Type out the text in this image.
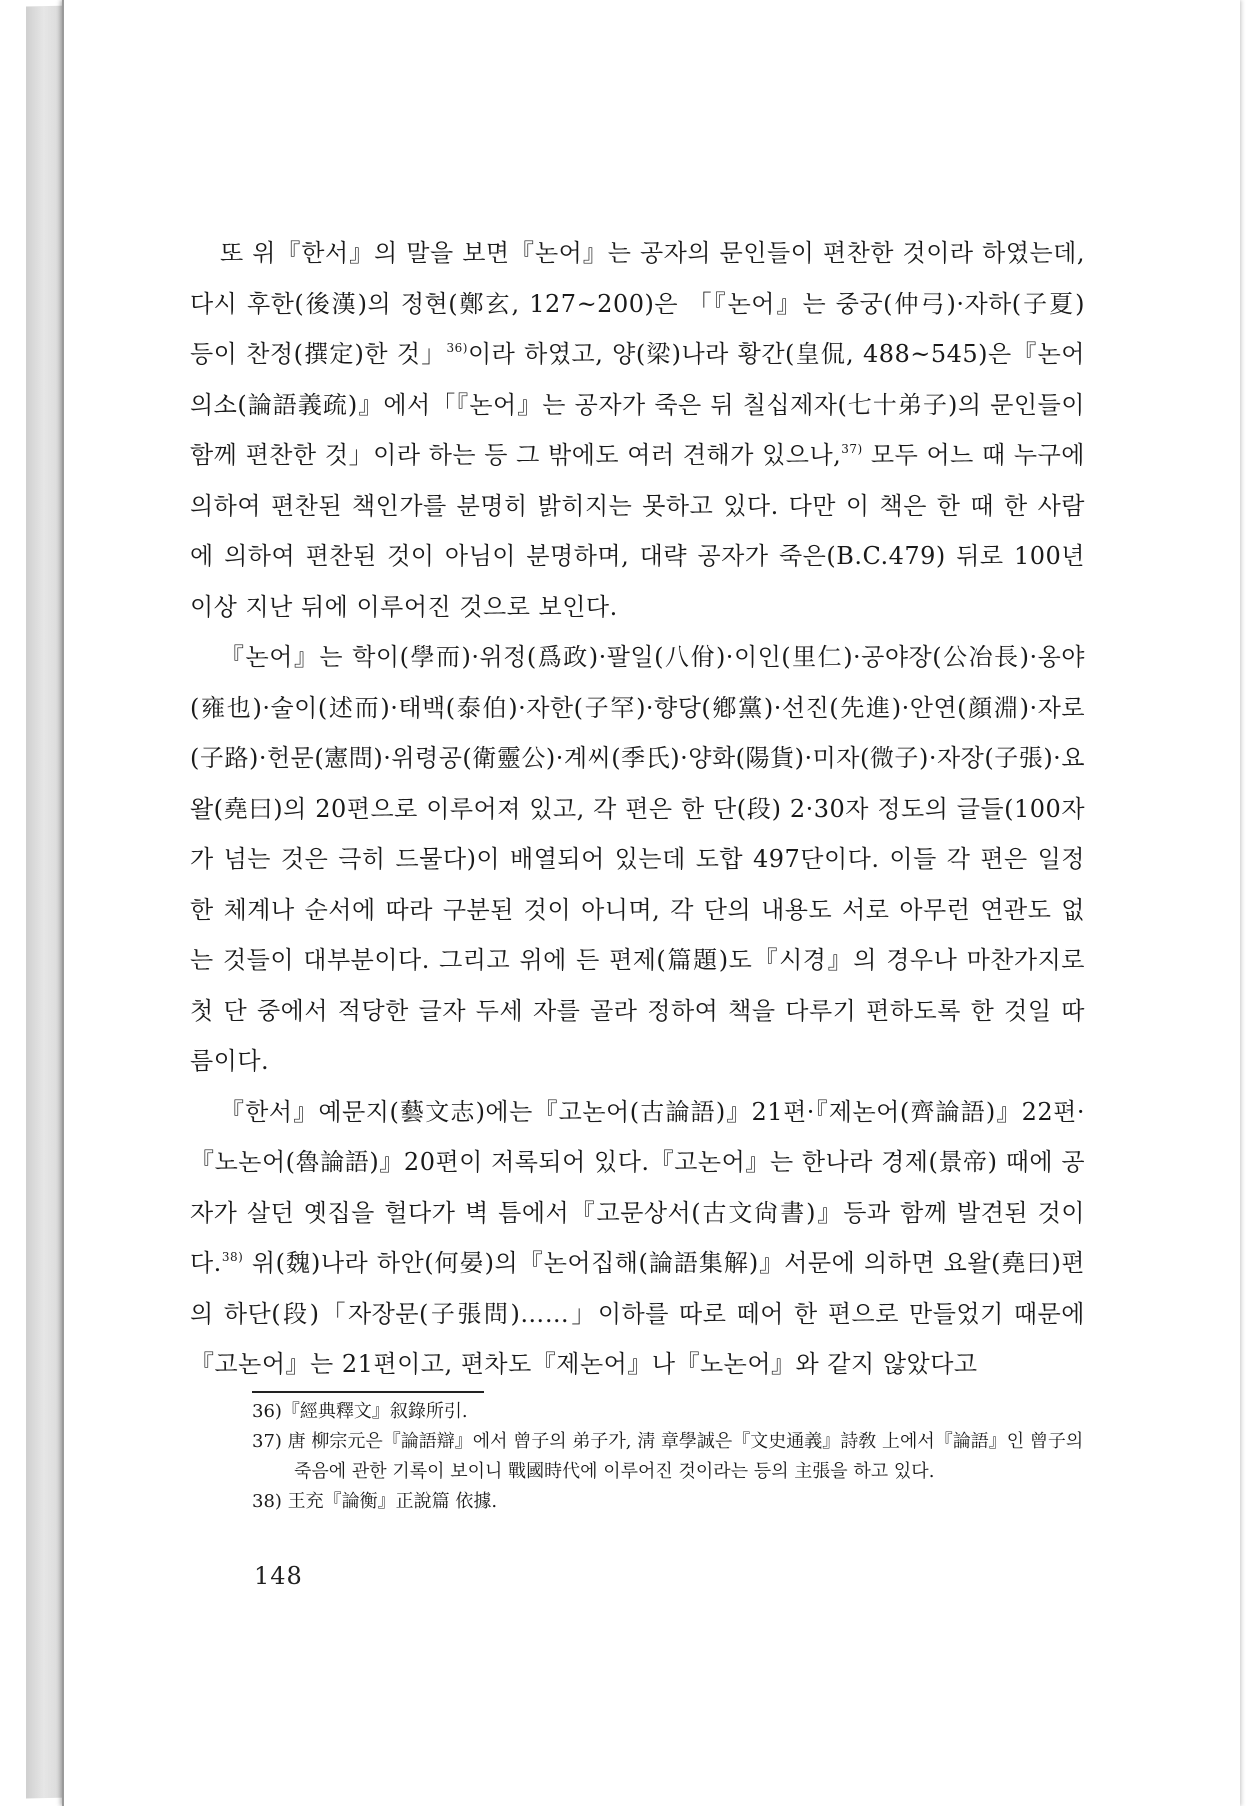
또 위『한서』의 말을 보면『논어』는 공자의 문인들이 편찬한 것이라 하였는데, 다시 후한(後漢)의 정현(鄭玄, 127~200)은 「『논어』는 중궁(仲弓)·자하(子夏) 등이 찬정(撰定)한 것」$^{36)}$이라 하였고, 양(梁)나라 황간(皇侃, 488~545)은『논어의소(論語義疏)』에서「『논어』는 공자가 죽은 뒤 칠십제자(七十弟子)의 문인들이 함께 편찬한 것」이라 하는 등 그 밖에도 여러 견해가 있으나,$^{37)}$ 모두 어느 때 누구에 의하여 편찬된 책인가를 분명히 밝히지는 못하고 있다. 다만 이 책은 한 때 한 사람에 의하여 편찬된 것이 아님이 분명하며, 대략 공자가 죽은(B.C.479) 뒤로 100년 이상 지난 뒤에 이루어진 것으로 보인다.

『논어』는 학이(學而)·위정(爲政)·팔일(八佾)·이인(里仁)·공야장(公冶長)·옹야(雍也)·술이(述而)·태백(泰伯)·자한(子罕)·향당(鄕黨)·선진(先進)·안연(顔淵)·자로(子路)·헌문(憲問)·위령공(衛靈公)·계씨(季氏)·양화(陽貨)·미자(微子)·자장(子張)·요왈(堯曰)의 20편으로 이루어져 있고, 각 편은 한 단(段) 2·30자 정도의 글들(100자가 넘는 것은 극히 드물다)이 배열되어 있는데 도합 497단이다. 이들 각 편은 일정한 체계나 순서에 따라 구분된 것이 아니며, 각 단의 내용도 서로 아무런 연관도 없는 것들이 대부분이다. 그리고 위에 든 편제(篇題)도『시경』의 경우나 마찬가지로 첫 단 중에서 적당한 글자 두세 자를 골라 정하여 책을 다루기 편하도록 한 것일 따름이다.

『한서』예문지(藝文志)에는『고논어(古論語)』21편·『제논어(齊論語)』22편·『노논어(魯論語)』20편이 저록되어 있다.『고논어』는 한나라 경제(景帝) 때에 공자가 살던 옛집을 헐다가 벽 틈에서『고문상서(古文尙書)』등과 함께 발견된 것이다.$^{38)}$ 위(魏)나라 하안(何晏)의『논어집해(論語集解)』서문에 의하면 요왈(堯曰)편의 하단(段)「자장문(子張問)……」이하를 따로 떼어 한 편으로 만들었기 때문에『고논어』는 21편이고, 편차도『제논어』나『노논어』와 같지 않았다고

36)『經典釋文』叙錄所引.

37) 唐 柳宗元은『論語辯』에서 曾子의 弟子가, 淸 章學誠은『文史通義』詩敎 上에서『論語』인 曾子의 죽음에 관한 기록이 보이니 戰國時代에 이루어진 것이라는 등의 主張을 하고 있다.

38) 王充『論衡』正說篇 依據.

148
